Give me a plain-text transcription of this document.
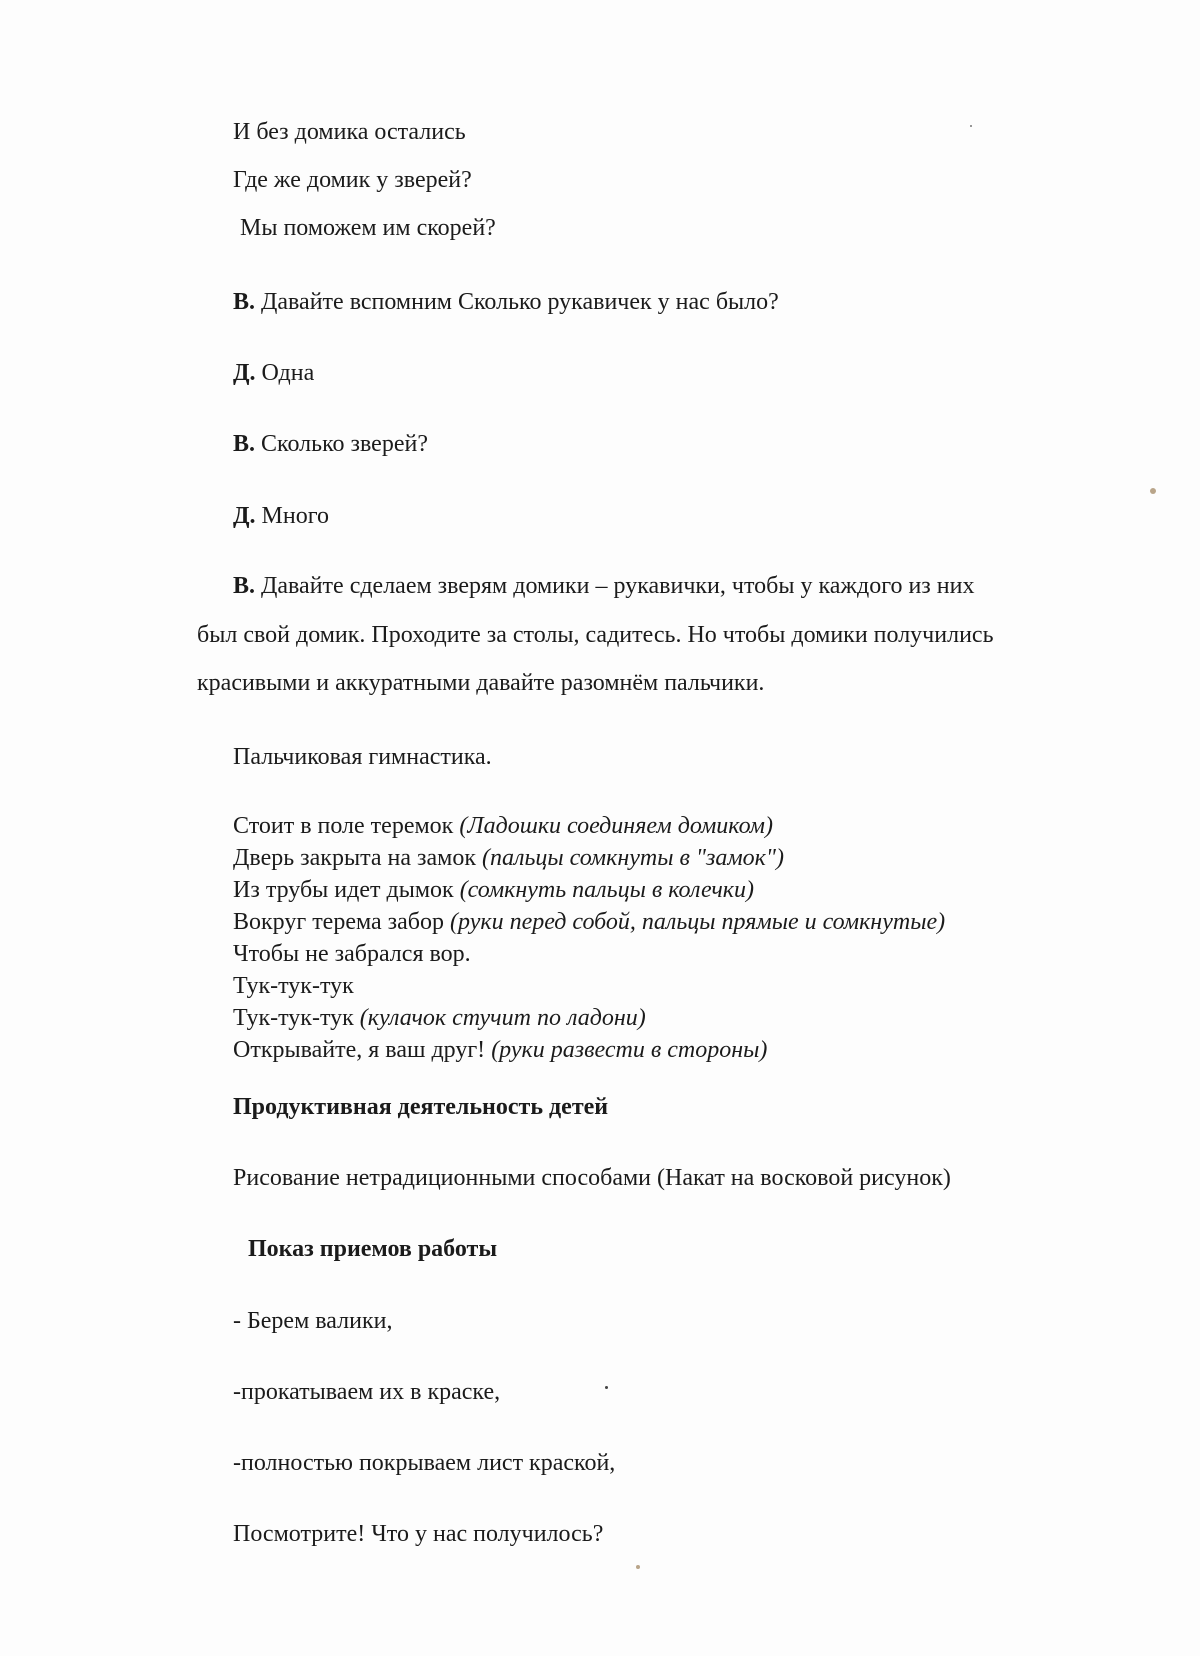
И без домика остались
Где же домик у зверей?
Мы поможем им скорей?
В. Давайте вспомним Сколько рукавичек у нас было?
Д. Одна
В. Сколько зверей?
Д. Много
В. Давайте сделаем зверям домики – рукавички, чтобы у каждого из них
был свой домик. Проходите за столы, садитесь. Но чтобы домики получились
красивыми и аккуратными давайте разомнём пальчики.
Пальчиковая гимнастика.
Стоит в поле теремок (Ладошки соединяем домиком)
Дверь закрыта на замок (пальцы сомкнуты в "замок")
Из трубы идет дымок (сомкнуть пальцы в колечки)
Вокруг терема забор (руки перед собой, пальцы прямые и сомкнутые)
Чтобы не забрался вор.
Тук-тук-тук
Тук-тук-тук (кулачок стучит по ладони)
Открывайте, я ваш друг! (руки развести в стороны)
Продуктивная деятельность детей
Рисование нетрадиционными способами (Накат на восковой рисунок)
Показ приемов работы
- Берем валики,
-прокатываем их в краске,
-полностью покрываем лист краской,
Посмотрите! Что у нас получилось?
